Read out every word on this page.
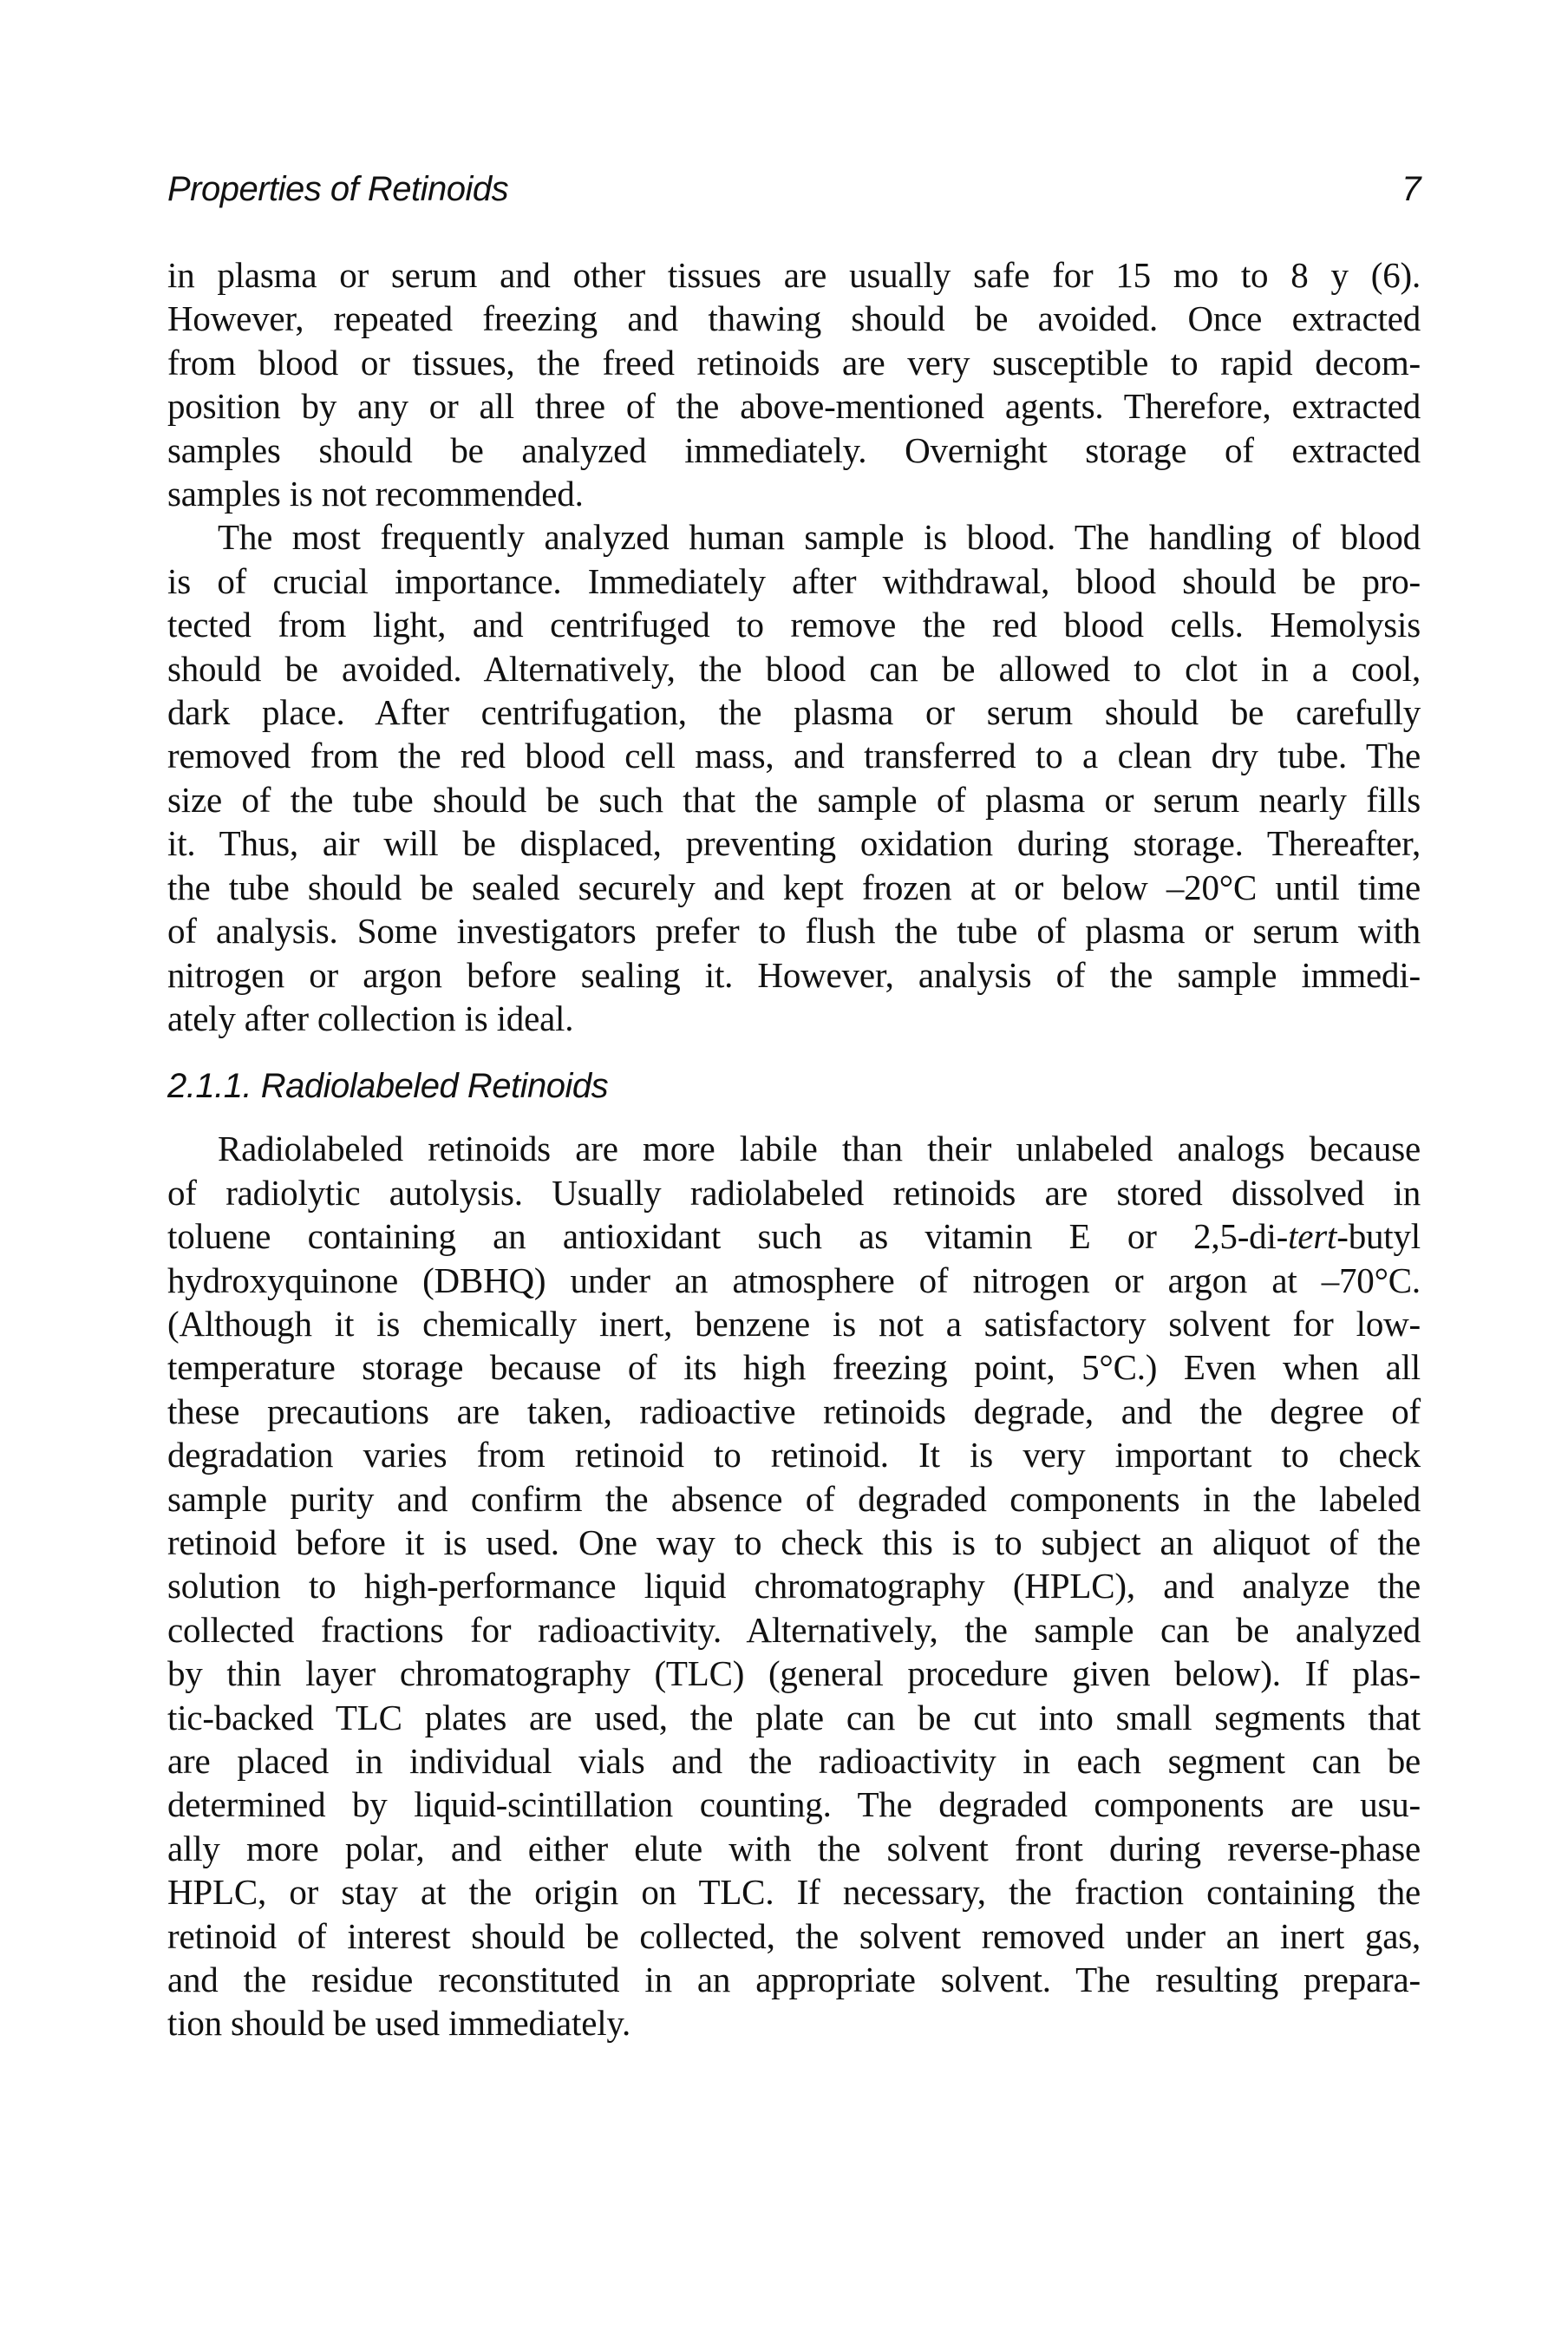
Properties of Retinoids	7

in plasma or serum and other tissues are usually safe for 15 mo to 8 y (6).
However, repeated freezing and thawing should be avoided. Once extracted
from blood or tissues, the freed retinoids are very susceptible to rapid decom-
position by any or all three of the above-mentioned agents. Therefore, extracted
samples should be analyzed immediately. Overnight storage of extracted
samples is not recommended.

The most frequently analyzed human sample is blood. The handling of blood
is of crucial importance. Immediately after withdrawal, blood should be pro-
tected from light, and centrifuged to remove the red blood cells. Hemolysis
should be avoided. Alternatively, the blood can be allowed to clot in a cool,
dark place. After centrifugation, the plasma or serum should be carefully
removed from the red blood cell mass, and transferred to a clean dry tube. The
size of the tube should be such that the sample of plasma or serum nearly fills
it. Thus, air will be displaced, preventing oxidation during storage. Thereafter,
the tube should be sealed securely and kept frozen at or below –20°C until time
of analysis. Some investigators prefer to flush the tube of plasma or serum with
nitrogen or argon before sealing it. However, analysis of the sample immedi-
ately after collection is ideal.

2.1.1. Radiolabeled Retinoids

Radiolabeled retinoids are more labile than their unlabeled analogs because
of radiolytic autolysis. Usually radiolabeled retinoids are stored dissolved in
toluene containing an antioxidant such as vitamin E or 2,5-di-tert-butyl
hydroxyquinone (DBHQ) under an atmosphere of nitrogen or argon at –70°C.
(Although it is chemically inert, benzene is not a satisfactory solvent for low-
temperature storage because of its high freezing point, 5°C.) Even when all
these precautions are taken, radioactive retinoids degrade, and the degree of
degradation varies from retinoid to retinoid. It is very important to check
sample purity and confirm the absence of degraded components in the labeled
retinoid before it is used. One way to check this is to subject an aliquot of the
solution to high-performance liquid chromatography (HPLC), and analyze the
collected fractions for radioactivity. Alternatively, the sample can be analyzed
by thin layer chromatography (TLC) (general procedure given below). If plas-
tic-backed TLC plates are used, the plate can be cut into small segments that
are placed in individual vials and the radioactivity in each segment can be
determined by liquid-scintillation counting. The degraded components are usu-
ally more polar, and either elute with the solvent front during reverse-phase
HPLC, or stay at the origin on TLC. If necessary, the fraction containing the
retinoid of interest should be collected, the solvent removed under an inert gas,
and the residue reconstituted in an appropriate solvent. The resulting prepara-
tion should be used immediately.
